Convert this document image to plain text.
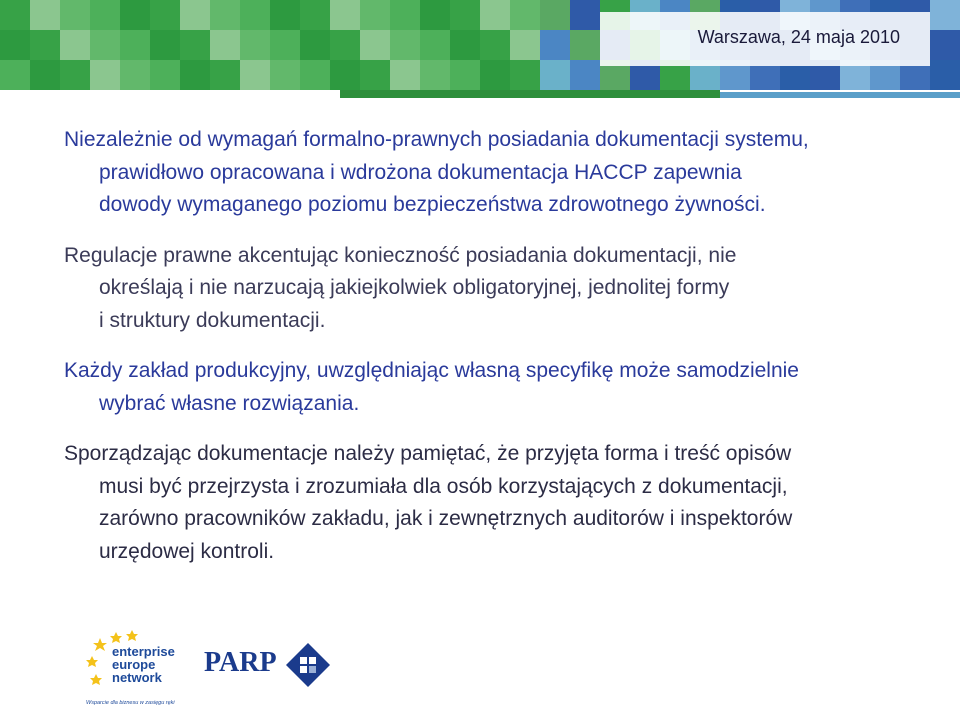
Warszawa, 24 maja 2010
Niezależnie od wymagań formalno-prawnych posiadania dokumentacji systemu,
prawidłowo opracowana i wdrożona dokumentacja HACCP zapewnia
dowody wymaganego poziomu bezpieczeństwa zdrowotnego żywności.
Regulacje prawne akcentując konieczność posiadania dokumentacji, nie
określają i nie narzucają jakiejkolwiek obligatoryjnej, jednolitej formy
i struktury dokumentacji.
Każdy zakład produkcyjny, uwzględniając własną specyfikę może samodzielnie
wybrać własne rozwiązania.
Sporządzając dokumentacje należy pamiętać, że przyjęta forma i treść opisów
musi być przejrzysta i zrozumiała dla osób korzystających z dokumentacji,
zarówno pracowników zakładu, jak i zewnętrznych auditorów i inspektorów
urzędowej kontroli.
enterprise
europe
network
Wsparcie dla biznesu w zasięgu ręki
PARP
